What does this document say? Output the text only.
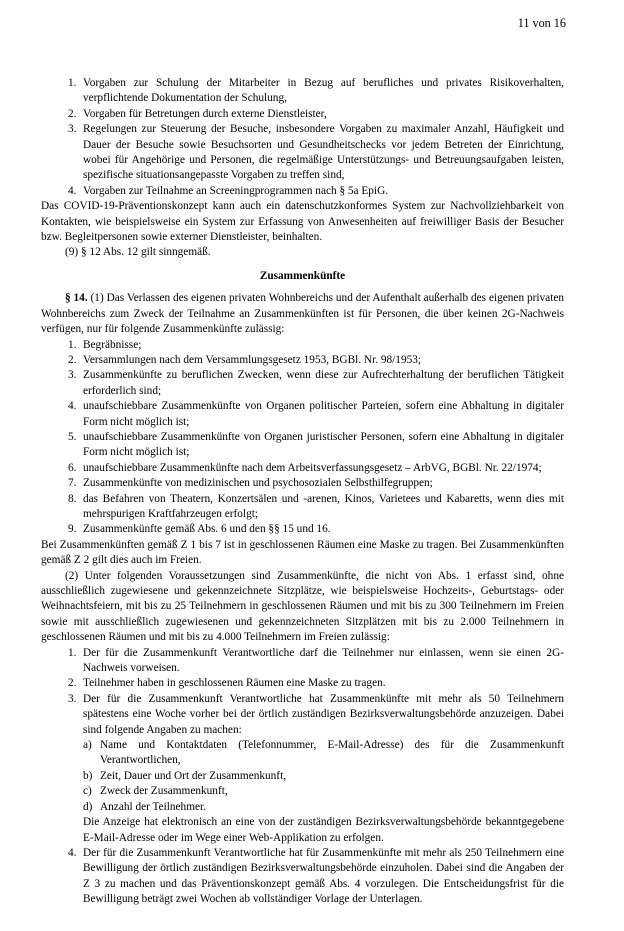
11 von 16
1. Vorgaben zur Schulung der Mitarbeiter in Bezug auf berufliches und privates Risikoverhalten, verpflichtende Dokumentation der Schulung,
2. Vorgaben für Betretungen durch externe Dienstleister,
3. Regelungen zur Steuerung der Besuche, insbesondere Vorgaben zu maximaler Anzahl, Häufigkeit und Dauer der Besuche sowie Besuchsorten und Gesundheitschecks vor jedem Betreten der Einrichtung, wobei für Angehörige und Personen, die regelmäßige Unterstützungs- und Betreuungsaufgaben leisten, spezifische situationsangepasste Vorgaben zu treffen sind,
4. Vorgaben zur Teilnahme an Screeningprogrammen nach § 5a EpiG.

Das COVID-19-Präventionskonzept kann auch ein datenschutzkonformes System zur Nachvollziehbarkeit von Kontakten, wie beispielsweise ein System zur Erfassung von Anwesenheiten auf freiwilliger Basis der Besucher bzw. Begleitpersonen sowie externer Dienstleister, beinhalten.

(9) § 12 Abs. 12 gilt sinngemäß.

Zusammenkünfte

§ 14. (1) Das Verlassen des eigenen privaten Wohnbereichs und der Aufenthalt außerhalb des eigenen privaten Wohnbereichs zum Zweck der Teilnahme an Zusammenkünften ist für Personen, die über keinen 2G-Nachweis verfügen, nur für folgende Zusammenkünfte zulässig:

1. Begräbnisse;
2. Versammlungen nach dem Versammlungsgesetz 1953, BGBl. Nr. 98/1953;
3. Zusammenkünfte zu beruflichen Zwecken, wenn diese zur Aufrechterhaltung der beruflichen Tätigkeit erforderlich sind;
4. unaufschiebbare Zusammenkünfte von Organen politischer Parteien, sofern eine Abhaltung in digitaler Form nicht möglich ist;
5. unaufschiebbare Zusammenkünfte von Organen juristischer Personen, sofern eine Abhaltung in digitaler Form nicht möglich ist;
6. unaufschiebbare Zusammenkünfte nach dem Arbeitsverfassungsgesetz – ArbVG, BGBl. Nr. 22/1974;
7. Zusammenkünfte von medizinischen und psychosozialen Selbsthilfegruppen;
8. das Befahren von Theatern, Konzertsälen und -arenen, Kinos, Varietees und Kabaretts, wenn dies mit mehrspurigen Kraftfahrzeugen erfolgt;
9. Zusammenkünfte gemäß Abs. 6 und den §§ 15 und 16.

Bei Zusammenkünften gemäß Z 1 bis 7 ist in geschlossenen Räumen eine Maske zu tragen. Bei Zusammenkünften gemäß Z 2 gilt dies auch im Freien.

(2) Unter folgenden Voraussetzungen sind Zusammenkünfte, die nicht von Abs. 1 erfasst sind, ohne ausschließlich zugewiesene und gekennzeichnete Sitzplätze, wie beispielsweise Hochzeits-, Geburtstags- oder Weihnachtsfeiern, mit bis zu 25 Teilnehmern in geschlossenen Räumen und mit bis zu 300 Teilnehmern im Freien sowie mit ausschließlich zugewiesenen und gekennzeichneten Sitzplätzen mit bis zu 2.000 Teilnehmern in geschlossenen Räumen und mit bis zu 4.000 Teilnehmern im Freien zulässig:

1. Der für die Zusammenkunft Verantwortliche darf die Teilnehmer nur einlassen, wenn sie einen 2G-Nachweis vorweisen.
2. Teilnehmer haben in geschlossenen Räumen eine Maske zu tragen.
3. Der für die Zusammenkunft Verantwortliche hat Zusammenkünfte mit mehr als 50 Teilnehmern spätestens eine Woche vorher bei der örtlich zuständigen Bezirksverwaltungsbehörde anzuzeigen. Dabei sind folgende Angaben zu machen:
a) Name und Kontaktdaten (Telefonnummer, E-Mail-Adresse) des für die Zusammenkunft Verantwortlichen,
b) Zeit, Dauer und Ort der Zusammenkunft,
c) Zweck der Zusammenkunft,
d) Anzahl der Teilnehmer.

Die Anzeige hat elektronisch an eine von der zuständigen Bezirksverwaltungsbehörde bekanntgegebene E-Mail-Adresse oder im Wege einer Web-Applikation zu erfolgen.

4. Der für die Zusammenkunft Verantwortliche hat für Zusammenkünfte mit mehr als 250 Teilnehmern eine Bewilligung der örtlich zuständigen Bezirksverwaltungsbehörde einzuholen. Dabei sind die Angaben der Z 3 zu machen und das Präventionskonzept gemäß Abs. 4 vorzulegen. Die Entscheidungsfrist für die Bewilligung beträgt zwei Wochen ab vollständiger Vorlage der Unterlagen.
